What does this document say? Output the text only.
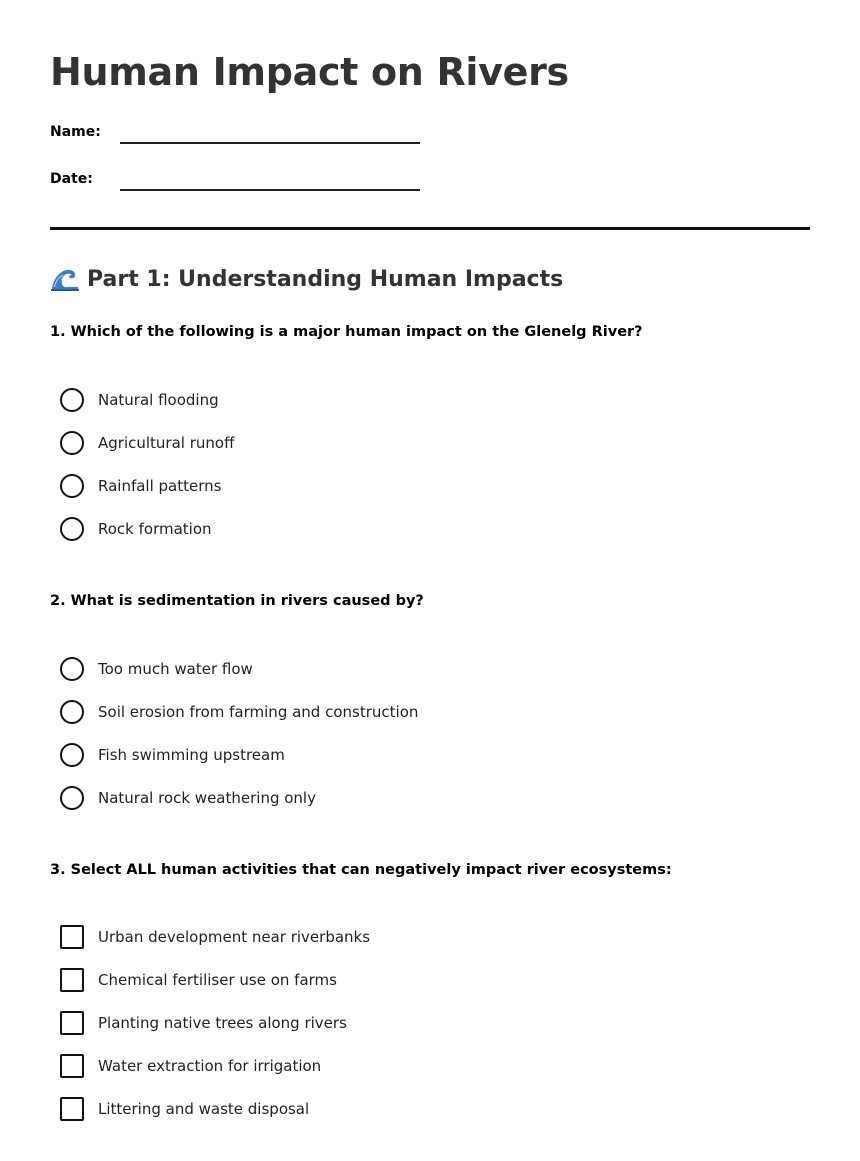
Human Impact on Rivers
Name:
Date:
Part 1: Understanding Human Impacts
1. Which of the following is a major human impact on the Glenelg River?
Natural flooding
Agricultural runoff
Rainfall patterns
Rock formation
2. What is sedimentation in rivers caused by?
Too much water flow
Soil erosion from farming and construction
Fish swimming upstream
Natural rock weathering only
3. Select ALL human activities that can negatively impact river ecosystems:
Urban development near riverbanks
Chemical fertiliser use on farms
Planting native trees along rivers
Water extraction for irrigation
Littering and waste disposal
